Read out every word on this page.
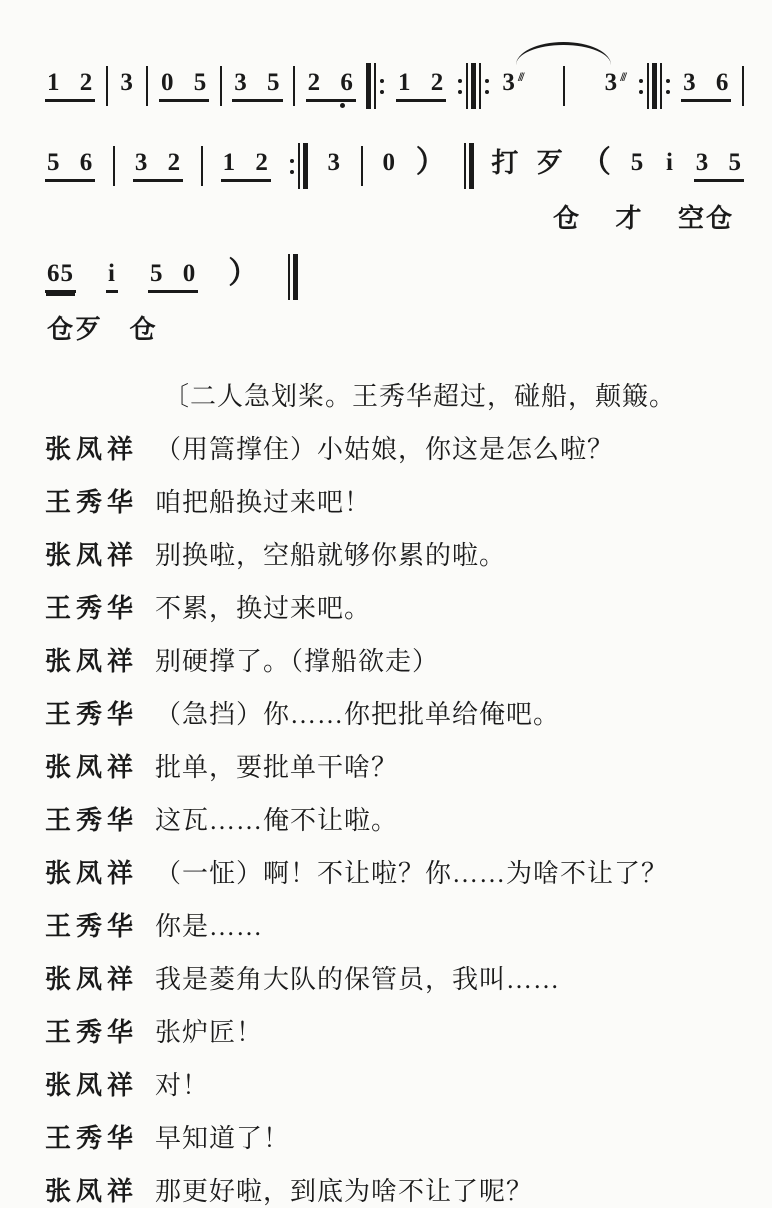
1 2 3 0 5 3 5 2 6 1 2 3 ///	3 /// 3 6
5 6 3 2 1 2 3 0 ） 打 歹 （ 5 i 3 5
仓 才 空仓
65 i 5 0 ）
仓歹 仓
〔二人急划桨。王秀华超过，碰船，颠簸。
张凤祥 （用篙撑住）小姑娘，你这是怎么啦？
王秀华 咱把船换过来吧！
张凤祥 别换啦，空船就够你累的啦。
王秀华 不累，换过来吧。
张凤祥 别硬撑了。（撑船欲走）
王秀华 （急挡）你……你把批单给俺吧。
张凤祥 批单，要批单干啥？
王秀华 这瓦……俺不让啦。
张凤祥 （一怔）啊！不让啦？你……为啥不让了？
王秀华 你是……
张凤祥 我是菱角大队的保管员，我叫……
王秀华 张炉匠！
张凤祥 对！
王秀华 早知道了！
张凤祥 那更好啦，到底为啥不让了呢？
